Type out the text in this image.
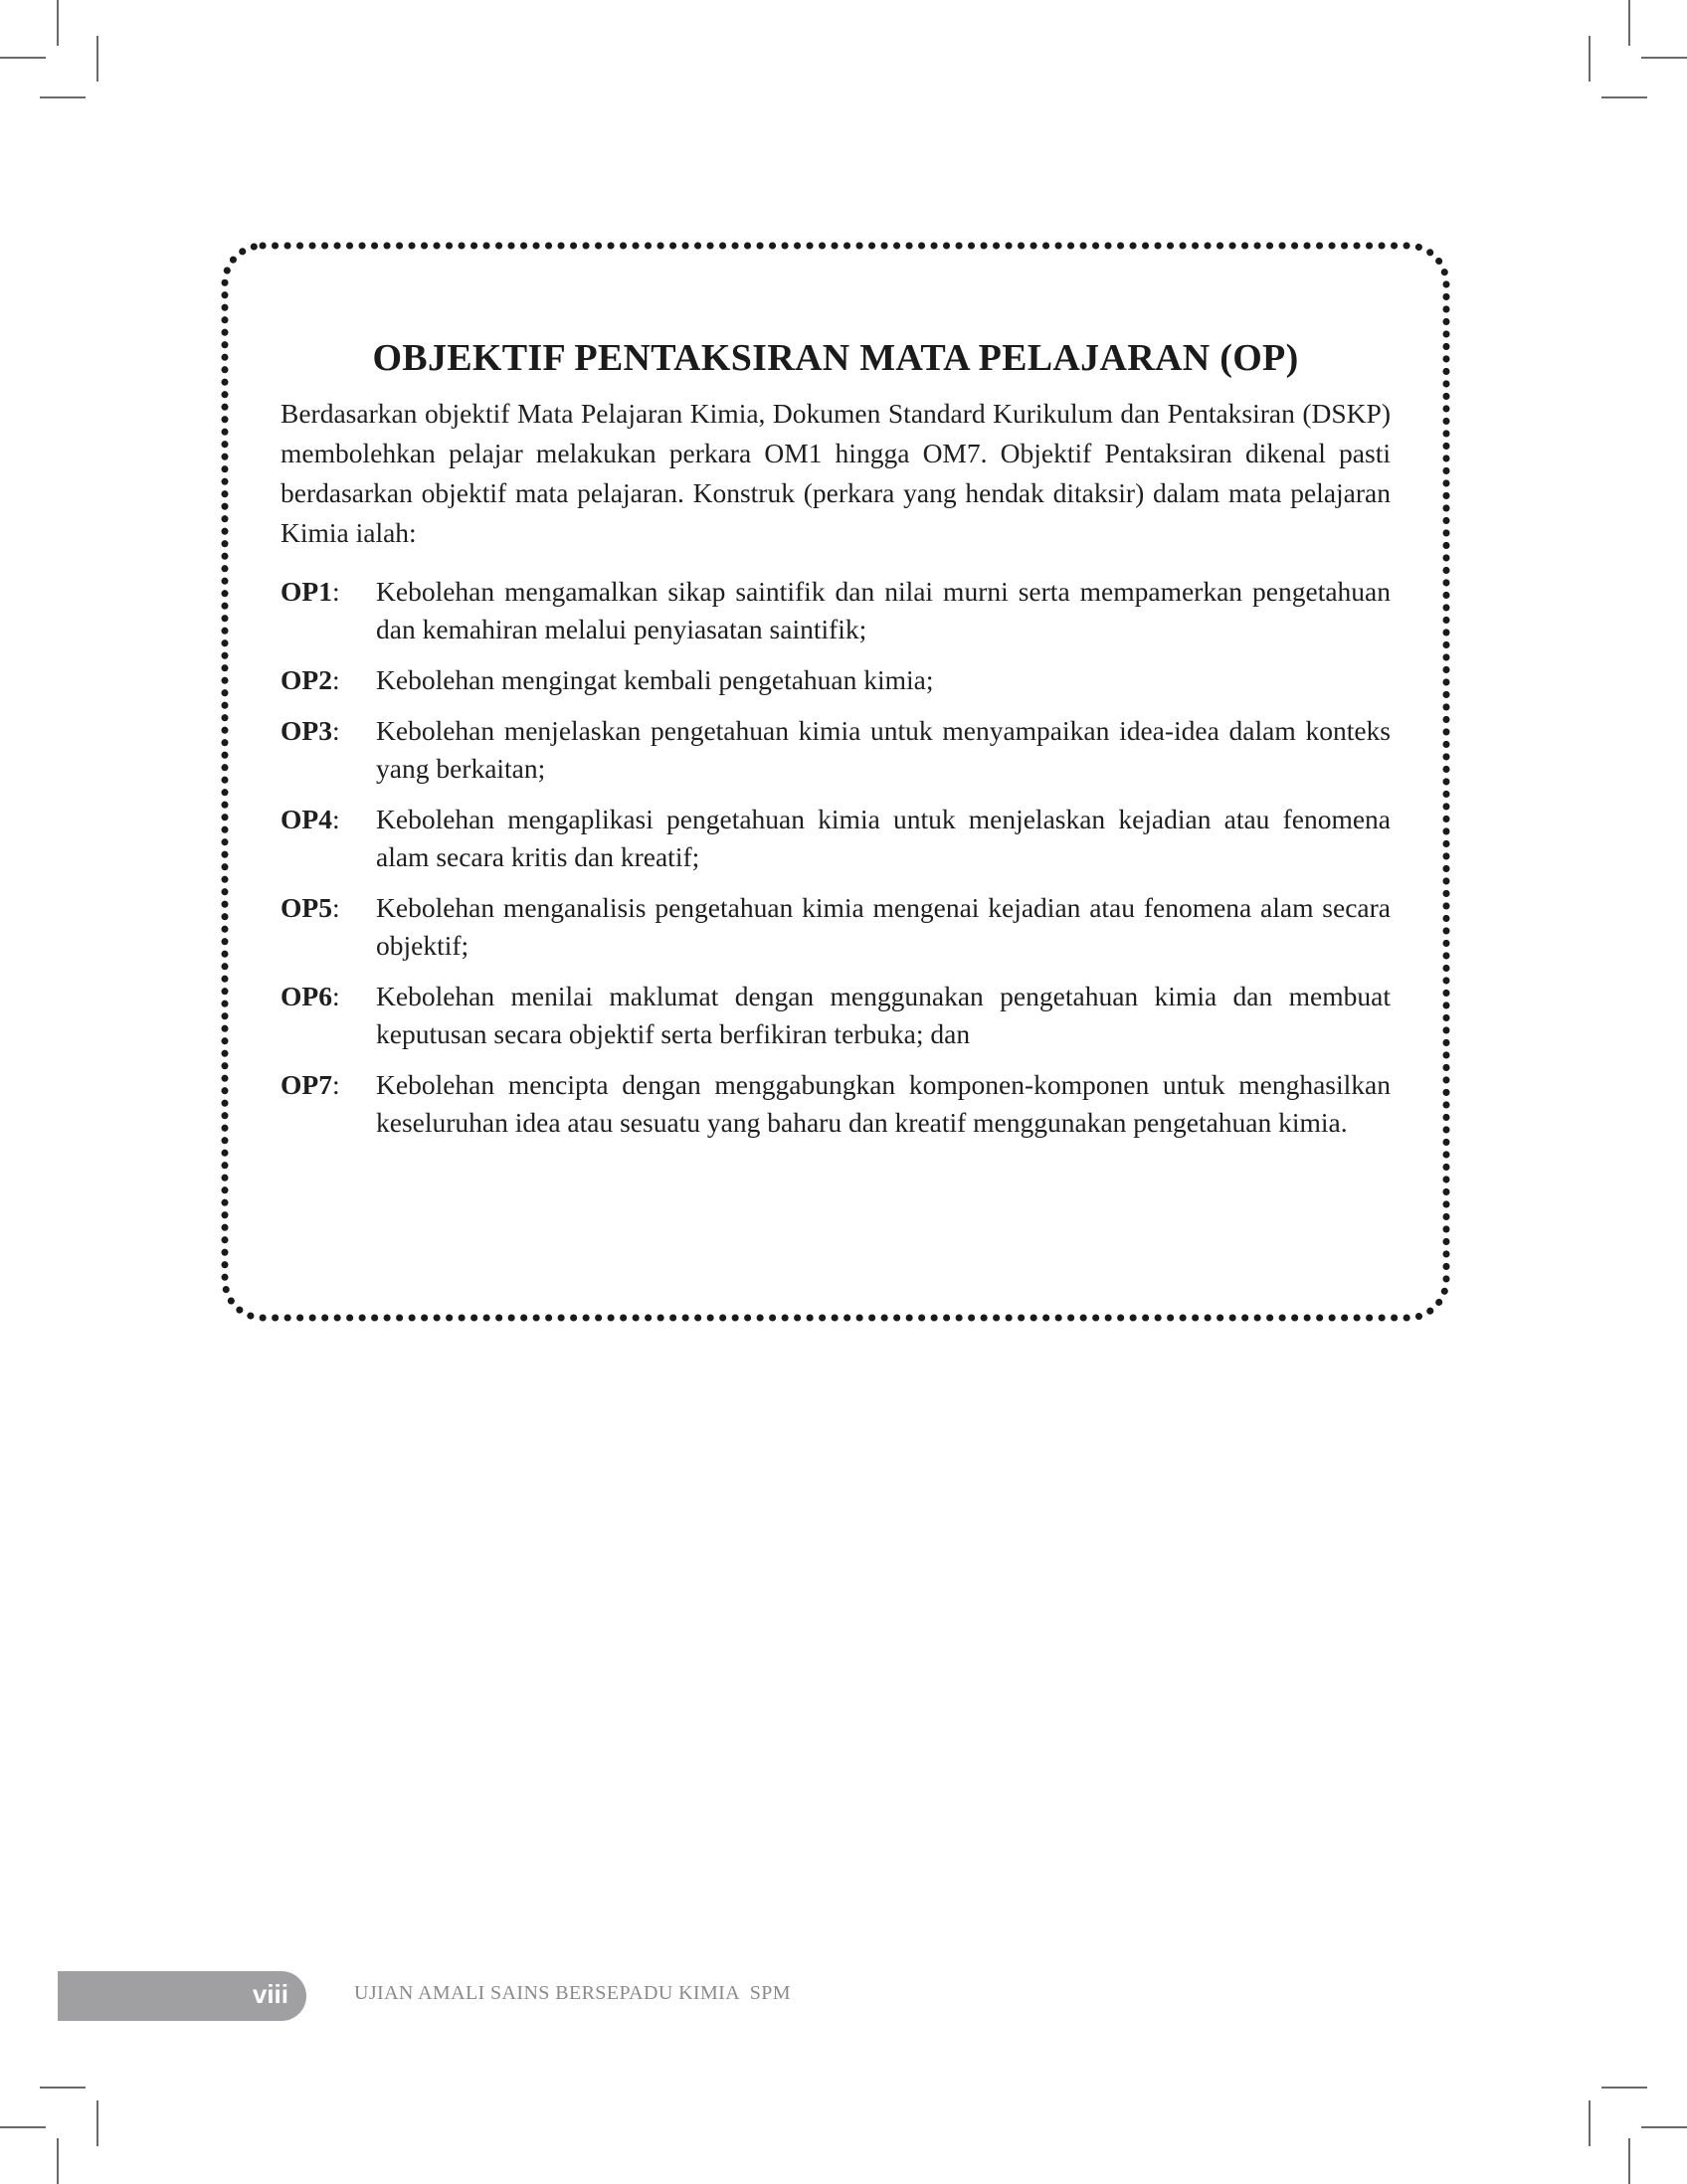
OBJEKTIF PENTAKSIRAN MATA PELAJARAN (OP)

Berdasarkan objektif Mata Pelajaran Kimia, Dokumen Standard Kurikulum dan Pentaksiran (DSKP) membolehkan pelajar melakukan perkara OM1 hingga OM7. Objektif Pentaksiran dikenal pasti berdasarkan objektif mata pelajaran. Konstruk (perkara yang hendak ditaksir) dalam mata pelajaran Kimia ialah:

OP1:	Kebolehan mengamalkan sikap saintifik dan nilai murni serta mempamerkan pengetahuan dan kemahiran melalui penyiasatan saintifik;
OP2:	Kebolehan mengingat kembali pengetahuan kimia;
OP3:	Kebolehan menjelaskan pengetahuan kimia untuk menyampaikan idea-idea dalam konteks yang berkaitan;
OP4:	Kebolehan mengaplikasi pengetahuan kimia untuk menjelaskan kejadian atau fenomena alam secara kritis dan kreatif;
OP5:	Kebolehan menganalisis pengetahuan kimia mengenai kejadian atau fenomena alam secara objektif;
OP6:	Kebolehan menilai maklumat dengan menggunakan pengetahuan kimia dan membuat keputusan secara objektif serta berfikiran terbuka; dan
OP7:	Kebolehan mencipta dengan menggabungkan komponen-komponen untuk menghasilkan keseluruhan idea atau sesuatu yang baharu dan kreatif menggunakan pengetahuan kimia.
viii	UJIAN AMALI SAINS BERSEPADU KIMIA  SPM
